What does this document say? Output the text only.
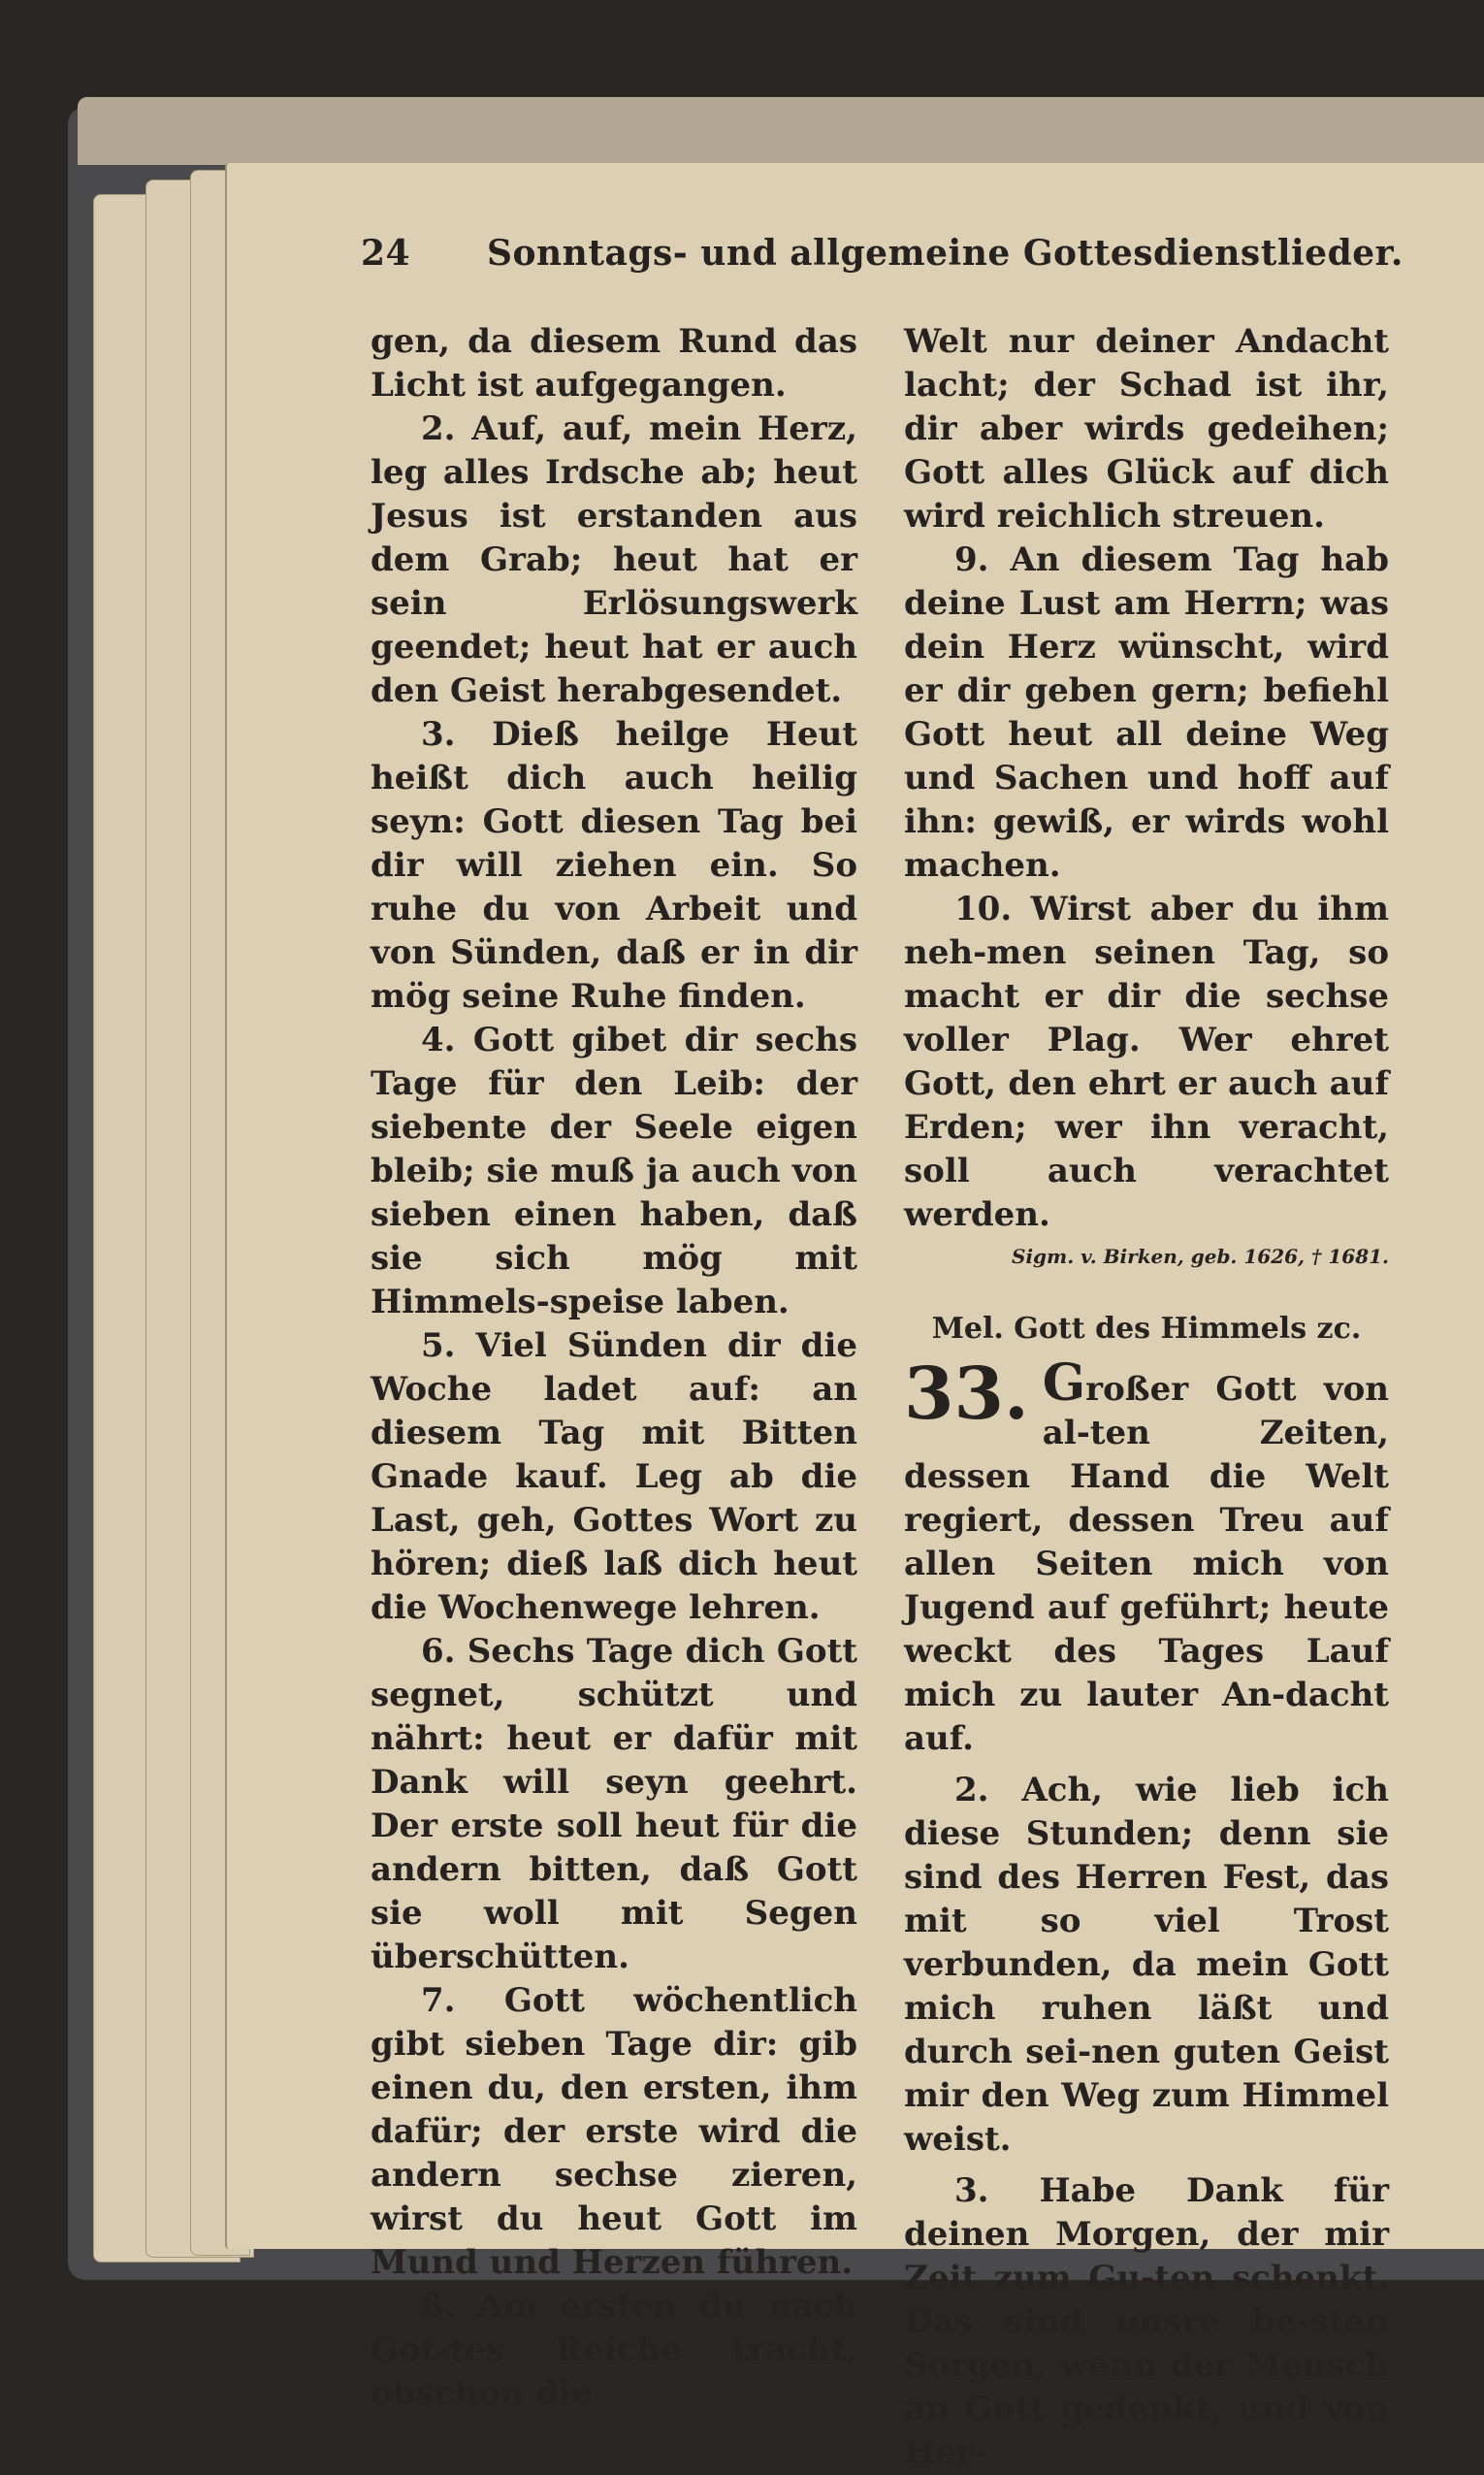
24 Sonntags- und allgemeine Gottesdienstlieder.

gen, da diesem Rund das Licht ist aufgegangen.

2. Auf, auf, mein Herz, leg alles Irdsche ab; heut Jesus ist erstanden aus dem Grab; heut hat er sein Erlösungswerk geendet; heut hat er auch den Geist herabgesendet.

3. Dieß heilge Heut heißt dich auch heilig seyn: Gott diesen Tag bei dir will ziehen ein. So ruhe du von Arbeit und von Sünden, daß er in dir mög seine Ruhe finden.

4. Gott gibet dir sechs Tage für den Leib: der siebente der Seele eigen bleib; sie muß ja auch von sieben einen haben, daß sie sich mög mit Himmels-speise laben.

5. Viel Sünden dir die Woche ladet auf: an diesem Tag mit Bitten Gnade kauf. Leg ab die Last, geh, Gottes Wort zu hören; dieß laß dich heut die Wochenwege lehren.

6. Sechs Tage dich Gott segnet, schützt und nährt: heut er dafür mit Dank will seyn geehrt. Der erste soll heut für die andern bitten, daß Gott sie woll mit Segen überschütten.

7. Gott wöchentlich gibt sieben Tage dir: gib einen du, den ersten, ihm dafür; der erste wird die andern sechse zieren, wirst du heut Gott im Mund und Herzen führen.

8. Am ersten du nach Got-tes Reiche tracht, obschon die

Welt nur deiner Andacht lacht; der Schad ist ihr, dir aber wirds gedeihen; Gott alles Glück auf dich wird reichlich streuen.

9. An diesem Tag hab deine Lust am Herrn; was dein Herz wünscht, wird er dir geben gern; befiehl Gott heut all deine Weg und Sachen und hoff auf ihn: gewiß, er wirds wohl machen.

10. Wirst aber du ihm neh-men seinen Tag, so macht er dir die sechse voller Plag. Wer ehret Gott, den ehrt er auch auf Erden; wer ihn veracht, soll auch verachtet werden.

Sigm. v. Birken, geb. 1626, † 1681.

Mel. Gott des Himmels zc.

33. Großer Gott von al-ten Zeiten, dessen Hand die Welt regiert, dessen Treu auf allen Seiten mich von Jugend auf geführt; heute weckt des Tages Lauf mich zu lauter An-dacht auf.

2. Ach, wie lieb ich diese Stunden; denn sie sind des Herren Fest, das mit so viel Trost verbunden, da mein Gott mich ruhen läßt und durch sei-nen guten Geist mir den Weg zum Himmel weist.

3. Habe Dank für deinen Morgen, der mir Zeit zum Gu-ten schenkt. Das sind unsre be-sten Sorgen, wenn der Mensch an Gott gedenkt, und von Her-
